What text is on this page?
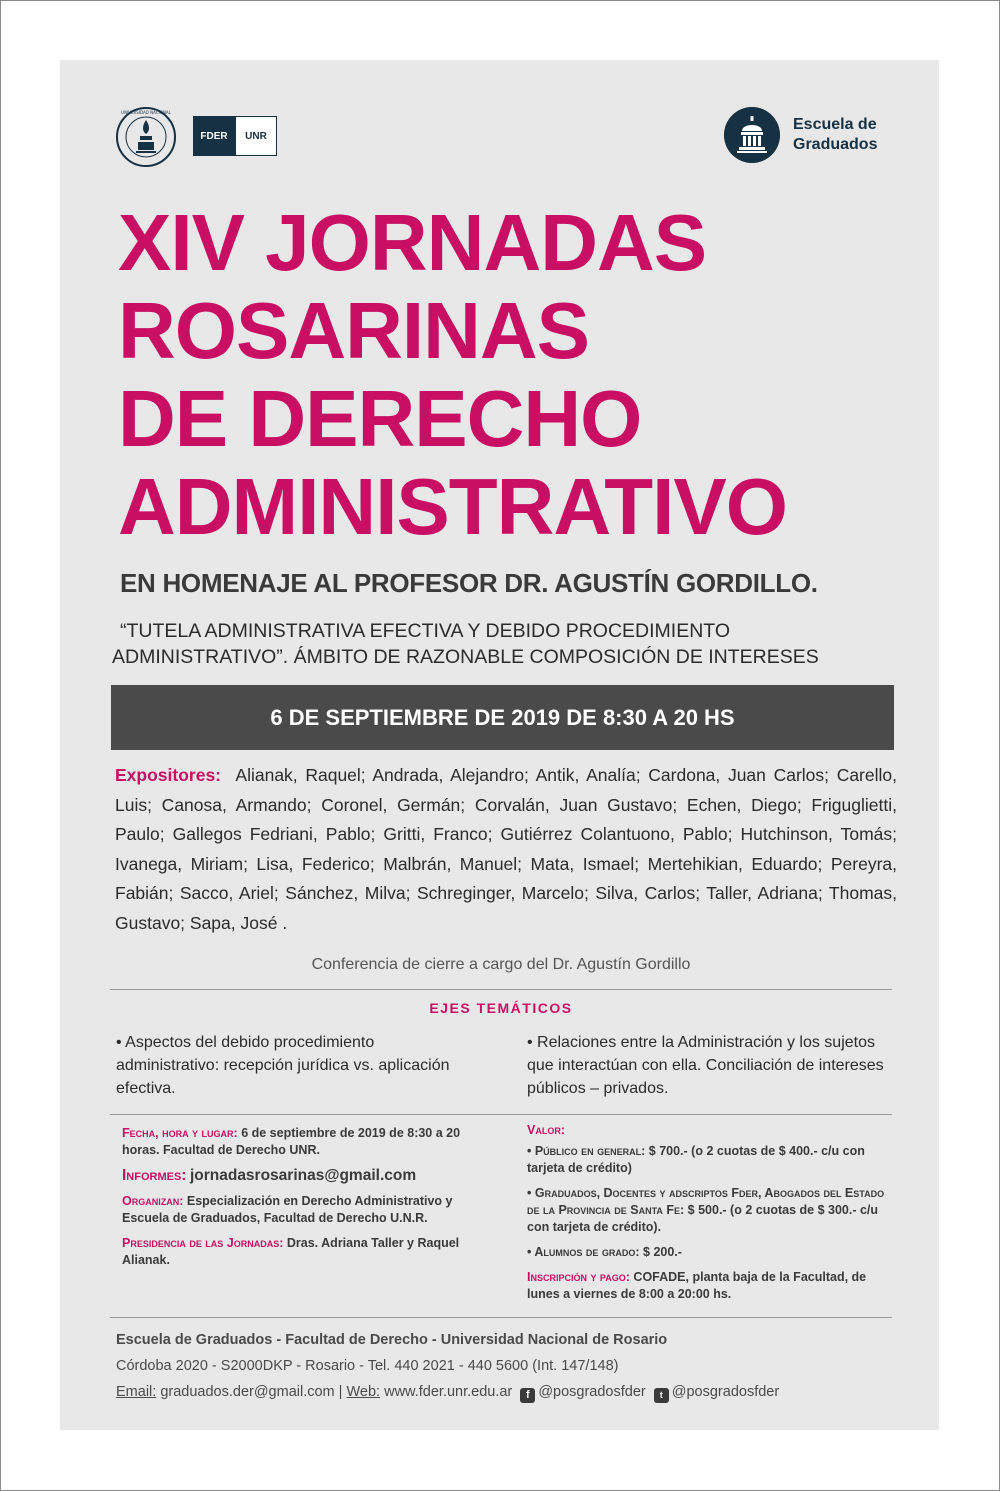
UNIVERSIDAD NACIONAL
FDER	UNR
Escuela de
Graduados
XIV JORNADAS
ROSARINAS
DE DERECHO
ADMINISTRATIVO
EN HOMENAJE AL PROFESOR DR. AGUSTÍN GORDILLO.
“TUTELA ADMINISTRATIVA EFECTIVA Y DEBIDO PROCEDIMIENTO
ADMINISTRATIVO”. ÁMBITO DE RAZONABLE COMPOSICIÓN DE INTERESES
6 DE SEPTIEMBRE DE 2019 DE 8:30 A 20 HS
Expositores: Alianak, Raquel; Andrada, Alejandro; Antik, Analía; Cardona, Juan Carlos; Carello, Luis; Canosa, Armando; Coronel, Germán; Corvalán, Juan Gustavo; Echen, Diego; Friguglietti, Paulo; Gallegos Fedriani, Pablo; Gritti, Franco; Gutiérrez Colantuono, Pablo; Hutchinson, Tomás; Ivanega, Miriam; Lisa, Federico; Malbrán, Manuel; Mata, Ismael; Mertehikian, Eduardo; Pereyra, Fabián; Sacco, Ariel; Sánchez, Milva; Schreginger, Marcelo; Silva, Carlos; Taller, Adriana; Thomas, Gustavo; Sapa, José .
Conferencia de cierre a cargo del Dr. Agustín Gordillo
EJES TEMÁTICOS
• Aspectos del debido procedimiento administrativo: recepción jurídica vs. aplicación efectiva.
• Relaciones entre la Administración y los sujetos que interactúan con ella. Conciliación de intereses públicos – privados.

Fecha, hora y lugar: 6 de septiembre de 2019 de 8:30 a 20 horas. Facultad de Derecho UNR.

Informes: jornadasrosarinas@gmail.com

Organizan: Especialización en Derecho Administrativo y Escuela de Graduados, Facultad de Derecho U.N.R.

Presidencia de las Jornadas: Dras. Adriana Taller y Raquel Alianak.

Valor:

• Público en general: $ 700.- (o 2 cuotas de $ 400.- c/u con tarjeta de crédito)

• Graduados, Docentes y adscriptos Fder, Abogados del Estado de la Provincia de Santa Fe: $ 500.- (o 2 cuotas de $ 300.- c/u con tarjeta de crédito).

• Alumnos de grado: $ 200.-

Inscripción y pago: COFADE, planta baja de la Facultad, de lunes a viernes de 8:00 a 20:00 hs.

Escuela de Graduados - Facultad de Derecho - Universidad Nacional de Rosario
Córdoba 2020 - S2000DKP - Rosario - Tel. 440 2021 - 440 5600 (Int. 147/148)
Email: graduados.der@gmail.com | Web: www.fder.unr.edu.ar f @posgradosfder t @posgradosfder
